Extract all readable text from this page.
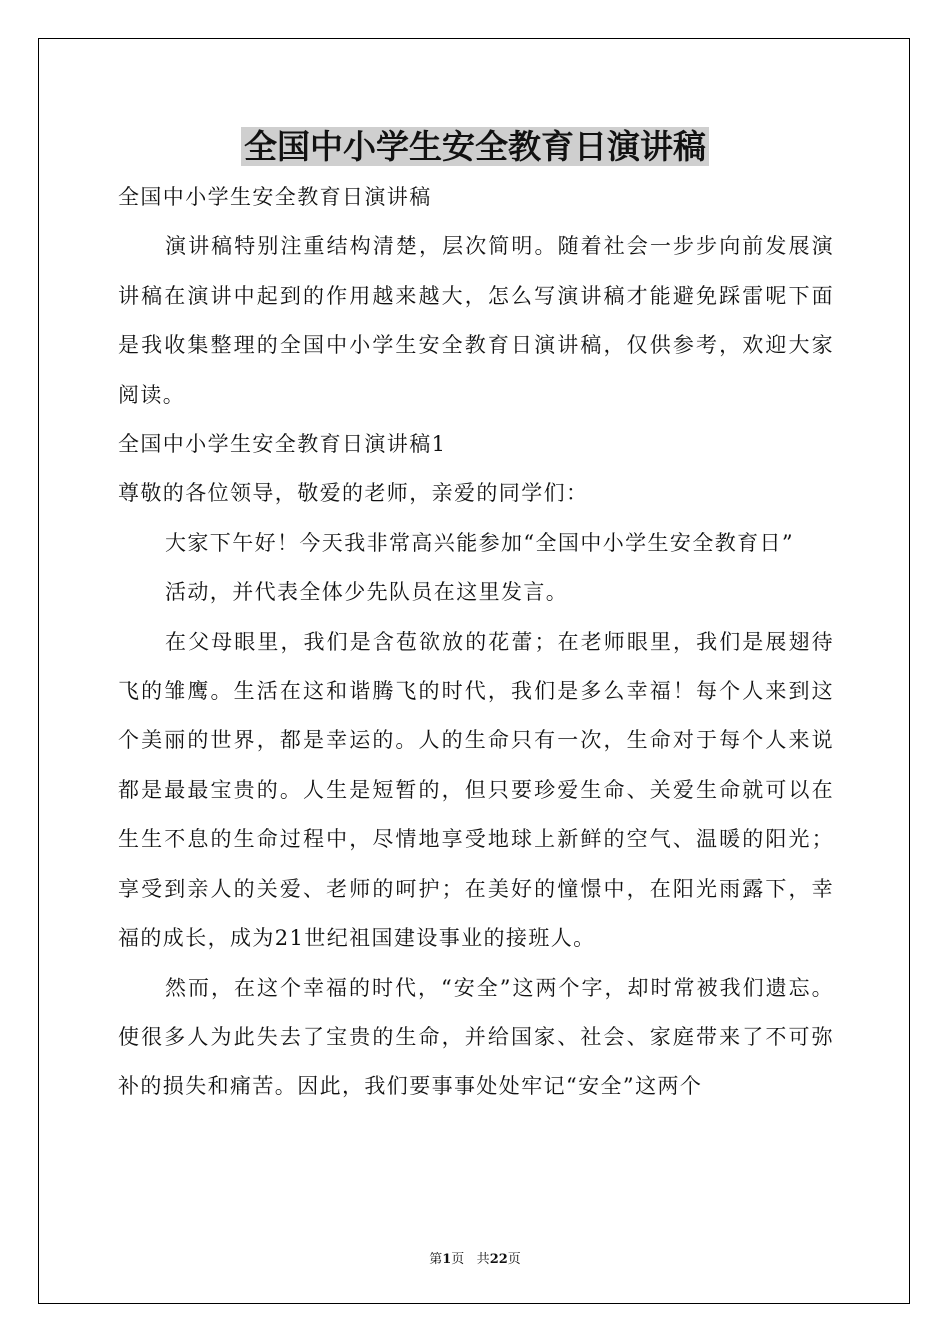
全国中小学生安全教育日演讲稿

全国中小学生安全教育日演讲稿

演讲稿特别注重结构清楚，层次简明。随着社会一步步向前发展演讲稿在演讲中起到的作用越来越大，怎么写演讲稿才能避免踩雷呢下面是我收集整理的全国中小学生安全教育日演讲稿，仅供参考，欢迎大家阅读。

全国中小学生安全教育日演讲稿1

尊敬的各位领导，敬爱的老师，亲爱的同学们：

大家下午好！今天我非常高兴能参加“全国中小学生安全教育日”

活动，并代表全体少先队员在这里发言。

在父母眼里，我们是含苞欲放的花蕾；在老师眼里，我们是展翅待飞的雏鹰。生活在这和谐腾飞的时代，我们是多么幸福！每个人来到这个美丽的世界，都是幸运的。人的生命只有一次，生命对于每个人来说都是最最宝贵的。人生是短暂的，但只要珍爱生命、关爱生命就可以在生生不息的生命过程中，尽情地享受地球上新鲜的空气、温暖的阳光；享受到亲人的关爱、老师的呵护；在美好的憧憬中，在阳光雨露下，幸福的成长，成为21世纪祖国建设事业的接班人。

然而，在这个幸福的时代，“安全”这两个字，却时常被我们遗忘。使很多人为此失去了宝贵的生命，并给国家、社会、家庭带来了不可弥补的损失和痛苦。因此，我们要事事处处牢记“安全”这两个

第1页 共22页
